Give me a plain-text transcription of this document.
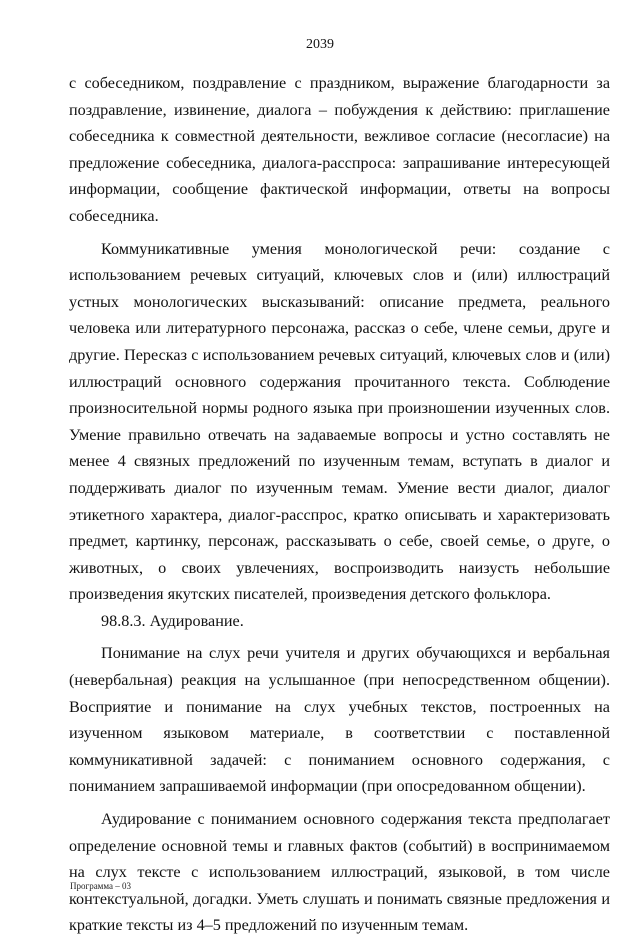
2039

с собеседником, поздравление с праздником, выражение благодарности за поздравление, извинение, диалога – побуждения к действию: приглашение собеседника к совместной деятельности, вежливое согласие (несогласие) на предложение собеседника, диалога-расспроса: запрашивание интересующей информации, сообщение фактической информации, ответы на вопросы собеседника.

Коммуникативные умения монологической речи: создание с использованием речевых ситуаций, ключевых слов и (или) иллюстраций устных монологических высказываний: описание предмета, реального человека или литературного персонажа, рассказ о себе, члене семьи, друге и другие. Пересказ с использованием речевых ситуаций, ключевых слов и (или) иллюстраций основного содержания прочитанного текста. Соблюдение произносительной нормы родного языка при произношении изученных слов. Умение правильно отвечать на задаваемые вопросы и устно составлять не менее 4 связных предложений по изученным темам, вступать в диалог и поддерживать диалог по изученным темам. Умение вести диалог, диалог этикетного характера, диалог-расспрос, кратко описывать и характеризовать предмет, картинку, персонаж, рассказывать о себе, своей семье, о друге, о животных, о своих увлечениях, воспроизводить наизусть небольшие произведения якутских писателей, произведения детского фольклора.

98.8.3. Аудирование.

Понимание на слух речи учителя и других обучающихся и вербальная (невербальная) реакция на услышанное (при непосредственном общении). Восприятие и понимание на слух учебных текстов, построенных на изученном языковом материале, в соответствии с поставленной коммуникативной задачей: с пониманием основного содержания, с пониманием запрашиваемой информации (при опосредованном общении).

Аудирование с пониманием основного содержания текста предполагает определение основной темы и главных фактов (событий) в воспринимаемом на слух тексте с использованием иллюстраций, языковой, в том числе контекстуальной, догадки. Уметь слушать и понимать связные предложения и краткие тексты из 4–5 предложений по изученным темам.

Программа – 03
